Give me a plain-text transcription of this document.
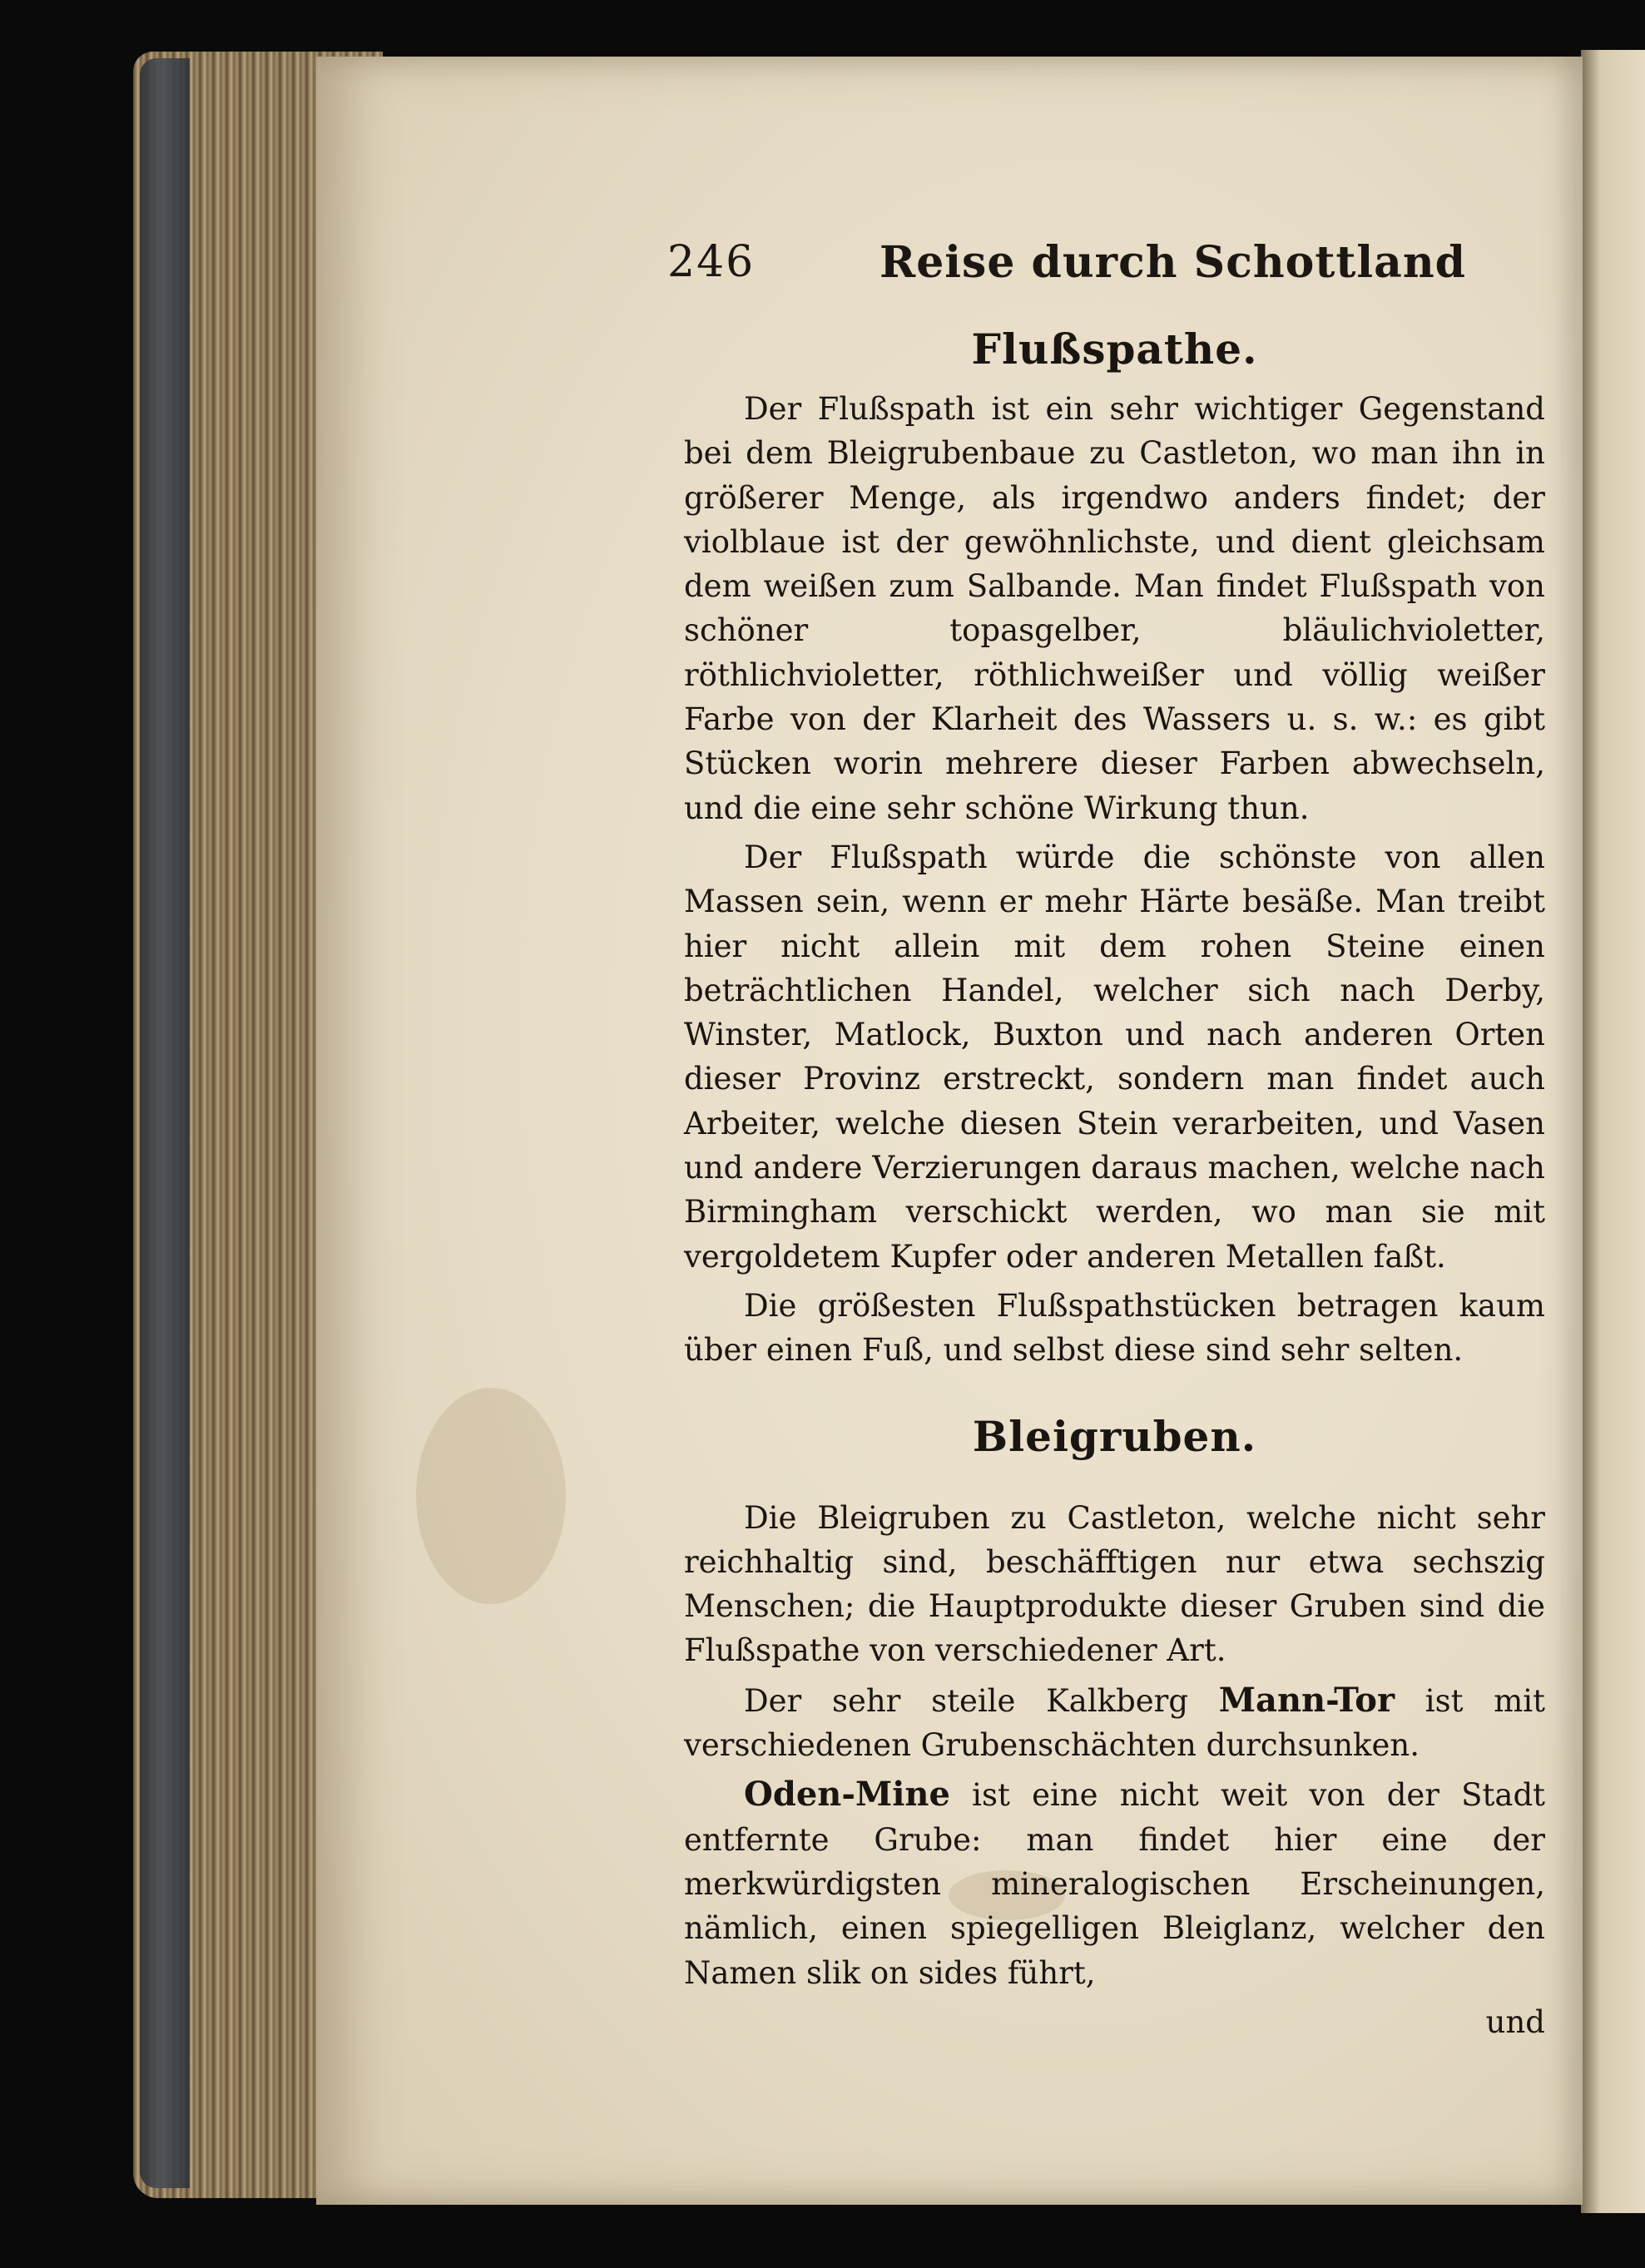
246	Reise durch Schottland
Flußspathe.

Der Flußspath ist ein sehr wichtiger Gegenstand bei dem Bleigrubenbaue zu Castleton, wo man ihn in größerer Menge, als irgendwo anders findet; der violblaue ist der gewöhnlichste, und dient gleichsam dem weißen zum Salbande. Man findet Flußspath von schöner topasgelber, bläulichvioletter, röthlichvioletter, röthlichweißer und völlig weißer Farbe von der Klarheit des Wassers u. s. w.: es gibt Stücken worin mehrere dieser Farben abwechseln, und die eine sehr schöne Wirkung thun.

Der Flußspath würde die schönste von allen Massen sein, wenn er mehr Härte besäße. Man treibt hier nicht allein mit dem rohen Steine einen beträchtlichen Handel, welcher sich nach Derby, Winster, Matlock, Buxton und nach anderen Orten dieser Provinz erstreckt, sondern man findet auch Arbeiter, welche diesen Stein verarbeiten, und Vasen und andere Verzierungen daraus machen, welche nach Birmingham verschickt werden, wo man sie mit vergoldetem Kupfer oder anderen Metallen faßt.

Die größesten Flußspathstücken betragen kaum über einen Fuß, und selbst diese sind sehr selten.

Bleigruben.

Die Bleigruben zu Castleton, welche nicht sehr reichhaltig sind, beschäfftigen nur etwa sechszig Menschen; die Hauptprodukte dieser Gruben sind die Flußspathe von verschiedener Art.

Der sehr steile Kalkberg Mann-Tor ist mit verschiedenen Grubenschächten durchsunken.

Oden-Mine ist eine nicht weit von der Stadt entfernte Grube: man findet hier eine der merkwürdigsten mineralogischen Erscheinungen, nämlich, einen spiegelligen Bleiglanz, welcher den Namen slik on sides führt,

und
